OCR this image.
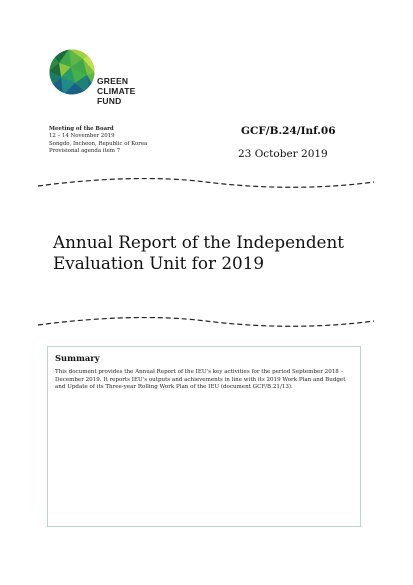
GREEN
CLIMATE
FUND
Meeting of the Board
12 – 14 November 2019
Songdo, Incheon, Republic of Korea
Provisional agenda item 7
GCF/B.24/Inf.06
23 October 2019
Annual Report of the Independent
Evaluation Unit for 2019
Summary
This document provides the Annual Report of the IEU's key activities for the period September 2018 – December 2019. It reports IEU's outputs and achievements in line with its 2019 Work Plan and Budget and Update of its Three-year Rolling Work Plan of the IEU (document GCF/B.21/13).
